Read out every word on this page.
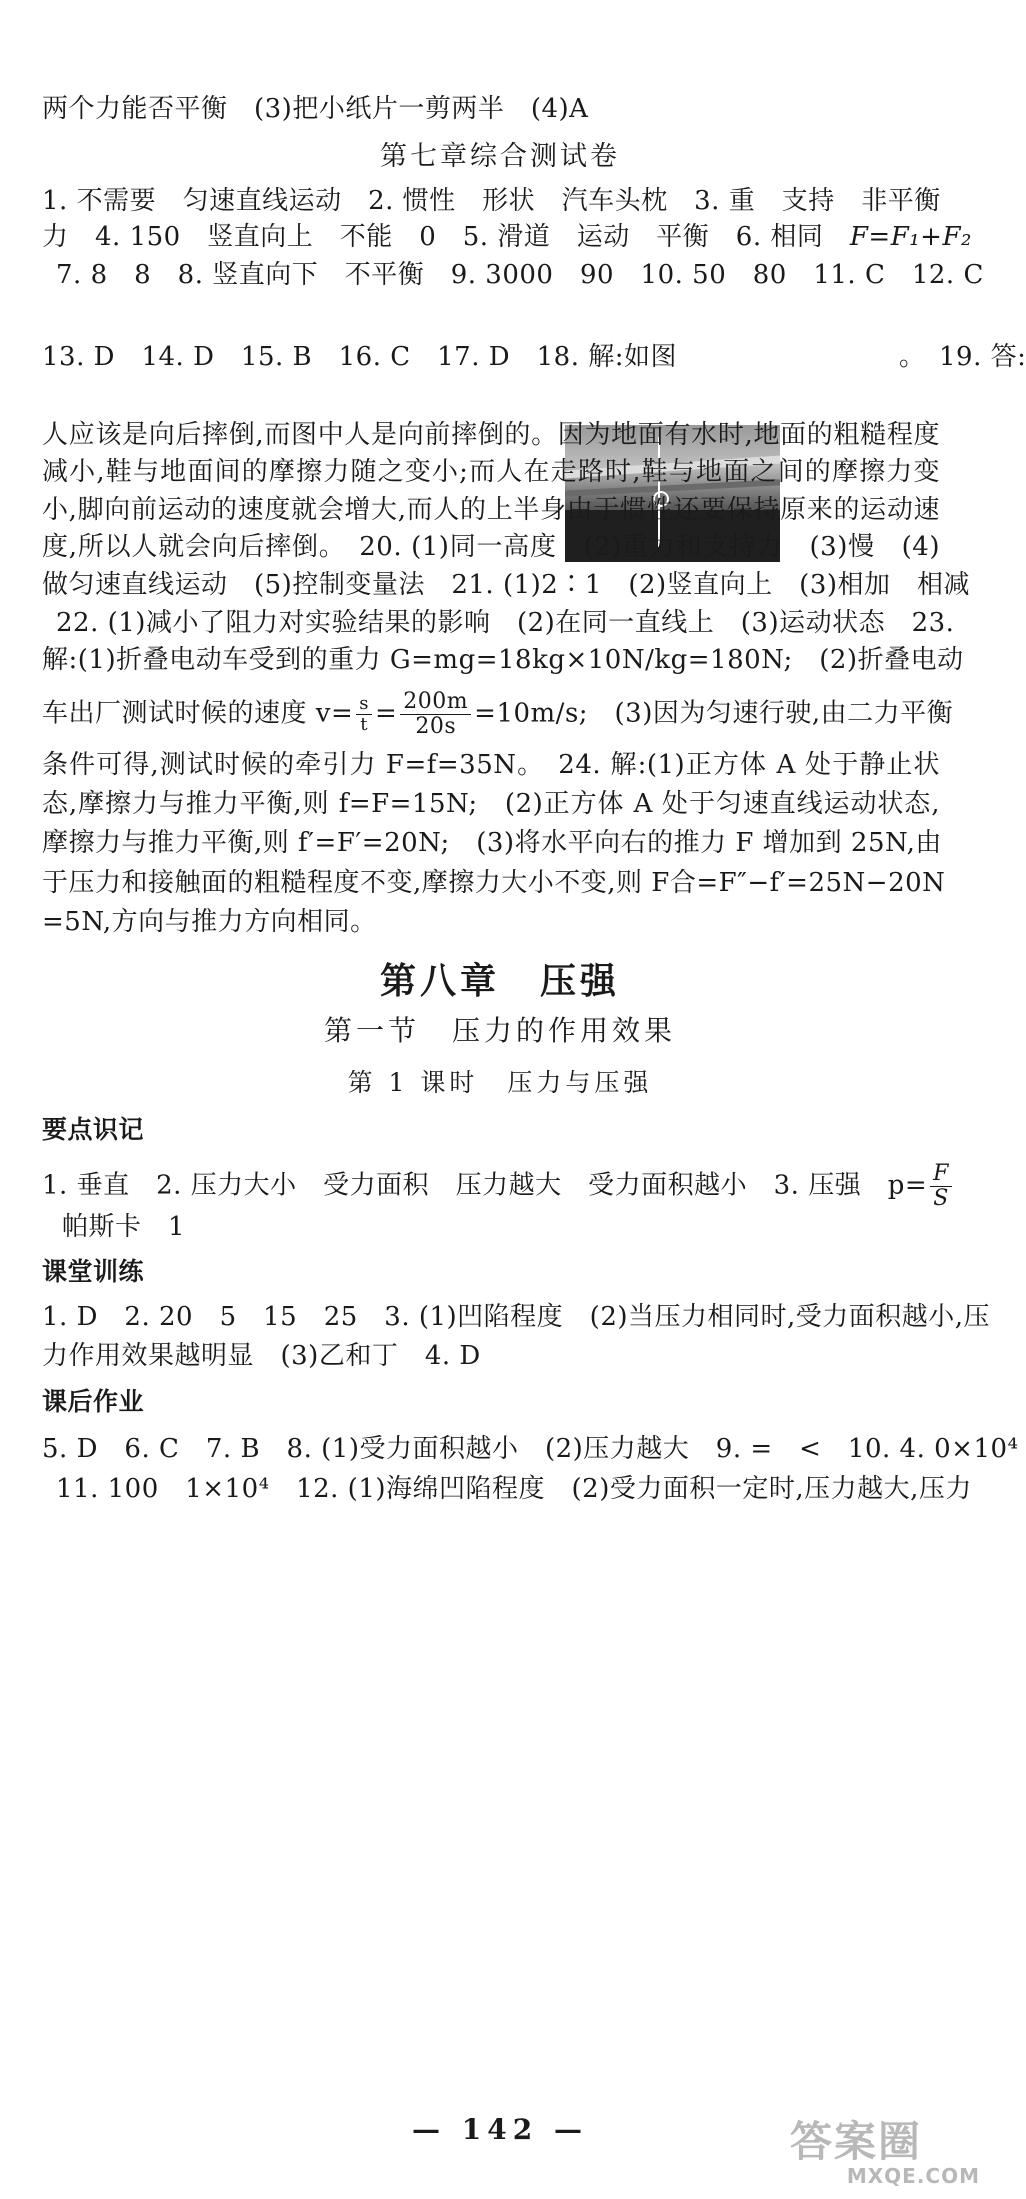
两个力能否平衡　(3)把小纸片一剪两半　(4)A
第七章综合测试卷
1. 不需要　匀速直线运动　2. 惯性　形状　汽车头枕　3. 重　支持　非平衡
力　4. 150　竖直向上　不能　0　5. 滑道　运动　平衡　6. 相同　F=F₁+F₂
7. 8　8　8. 竖直向下　不平衡　9. 3000　90　10. 50　80　11. C　12. C
13. D　14. D　15. B　16. C　17. D　18. 解:如图	。　19. 答:
人应该是向后摔倒,而图中人是向前摔倒的。因为地面有水时,地面的粗糙程度
减小,鞋与地面间的摩擦力随之变小;而人在走路时,鞋与地面之间的摩擦力变
小,脚向前运动的速度就会增大,而人的上半身由于惯性还要保持原来的运动速
度,所以人就会向后摔倒。　20. (1)同一高度　(2)重力和支持力　(3)慢　(4)
做匀速直线运动　(5)控制变量法　21. (1)2∶1　(2)竖直向上　(3)相加　相减
22. (1)减小了阻力对实验结果的影响　(2)在同一直线上　(3)运动状态　23.
解:(1)折叠电动车受到的重力 G=mg=18kg×10N/kg=180N;　(2)折叠电动
车出厂测试时候的速度 $v= \frac{s}{t} = \frac{200m}{20s} =10m/s$;　(3)因为匀速行驶,由二力平衡
条件可得,测试时候的牵引力 F=f=35N。　24. 解:(1)正方体 A 处于静止状
态,摩擦力与推力平衡,则 f=F=15N;　(2)正方体 A 处于匀速直线运动状态,
摩擦力与推力平衡,则 f′=F′=20N;　(3)将水平向右的推力 F 增加到 25N,由
于压力和接触面的粗糙程度不变,摩擦力大小不变,则 F合=F″−f′=25N−20N
=5N,方向与推力方向相同。
第八章　压强
第一节　压力的作用效果
第 1 课时　压力与压强
要点识记
1. 垂直　2. 压力大小　受力面积　压力越大　受力面积越小　3. 压强　$p= \frac{F}{S}$
帕斯卡　1
课堂训练
1. D　2. 20　5　15　25　3. (1)凹陷程度　(2)当压力相同时,受力面积越小,压
力作用效果越明显　(3)乙和丁　4. D
课后作业
5. D　6. C　7. B　8. (1)受力面积越小　(2)压力越大　9. =　<　10. 4. 0×10⁴
11. 100　1×10⁴　12. (1)海绵凹陷程度　(2)受力面积一定时,压力越大,压力
— 142 —	答案圈
MXQE.COM
